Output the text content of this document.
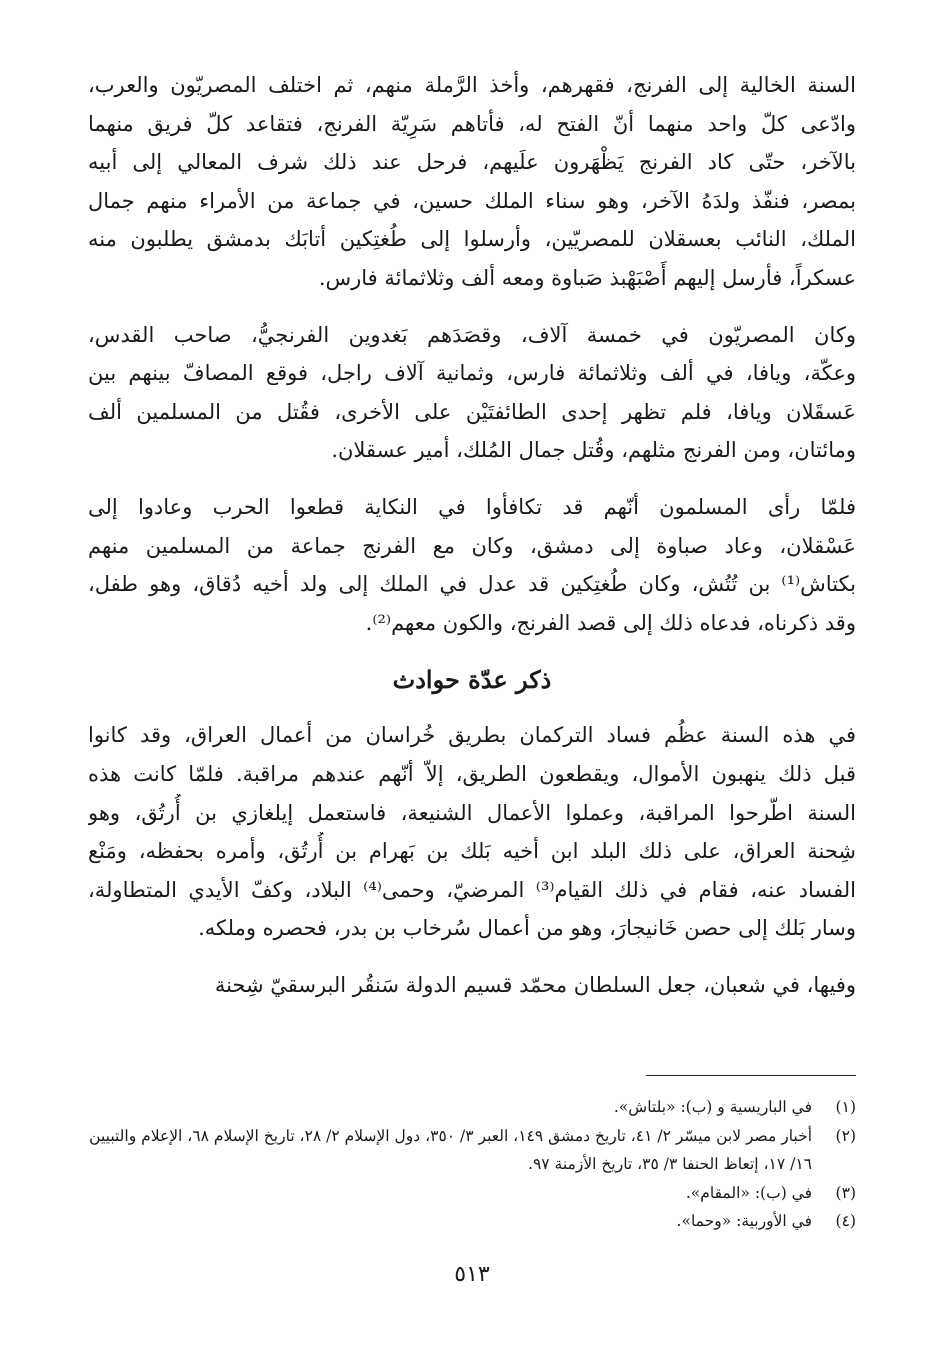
السنة الخالية إلى الفرنج، فقهرهم، وأخذ الرَّملة منهم، ثم اختلف المصريّون والعرب،
وادّعى كلّ واحد منهما أنّ الفتح له، فأتاهم سَرِيّة الفرنج، فتقاعد كلّ فريق منهما
بالآخر، حتّى كاد الفرنج يَظْهَرون علَيهم، فرحل عند ذلك شرف المعالي إلى أبيه
بمصر، فنفّذ ولدَهُ الآخر، وهو سناء الملك حسين، في جماعة من الأمراء منهم جمال
الملك، النائب بعسقلان للمصريّين، وأرسلوا إلى طُغتِكين أتابَك بدمشق يطلبون منه
عسكراً، فأرسل إليهم أَصْبَهْبذ صَباوة ومعه ألف وثلاثمائة فارس.
وكان المصريّون في خمسة آلاف، وقصَدَهم بَغدوين الفرنجيُّ، صاحب القدس،
وعكّة، ويافا، في ألف وثلاثمائة فارس، وثمانية آلاف راجل، فوقع المصافّ بينهم بين
عَسقَلان ويافا، فلم تظهر إحدى الطائفتَيْن على الأخرى، فقُتل من المسلمين ألف
ومائتان، ومن الفرنج مثلهم، وقُتل جمال المُلك، أمير عسقلان.
فلمّا رأى المسلمون أنّهم قد تكافأوا في النكاية قطعوا الحرب وعادوا إلى
عَسْقلان، وعاد صباوة إلى دمشق، وكان مع الفرنج جماعة من المسلمين منهم
بكتاش⁽¹⁾ بن تُتُش، وكان طُغتِكين قد عدل في الملك إلى ولد أخيه دُقاق، وهو طفل،
وقد ذكرناه، فدعاه ذلك إلى قصد الفرنج، والكون معهم⁽²⁾.
ذكر عدّة حوادث
في هذه السنة عظُم فساد التركمان بطريق خُراسان من أعمال العراق، وقد كانوا
قبل ذلك ينهبون الأموال، ويقطعون الطريق، إلاّ أنّهم عندهم مراقبة. فلمّا كانت هذه
السنة اطّرحوا المراقبة، وعملوا الأعمال الشنيعة، فاستعمل إيلغازي بن أُرتُق، وهو
شِحنة العراق، على ذلك البلد ابن أخيه بَلك بن بَهرام بن أُرتُق، وأمره بحفظه، ومَنْع
الفساد عنه، فقام في ذلك القيام⁽³⁾ المرضيّ، وحمى⁽⁴⁾ البلاد، وكفّ الأيدي المتطاولة،
وسار بَلك إلى حصن خَانيجارَ، وهو من أعمال سُرخاب بن بدر، فحصره وملكه.
وفيها، في شعبان، جعل السلطان محمّد قسيم الدولة سَنقُر البرسقيّ شِحنة
(١)
في الباريسية و (ب): «بلتاش».
(٢)
أخبار مصر لابن ميسّر ٢/ ٤١، تاريخ دمشق ١٤٩، العبر ٣/ ٣٥٠، دول الإسلام ٢/ ٢٨، تاريخ الإسلام ٦٨، الإعلام والتبيين ١٦/ ١٧، إتعاظ الحنفا ٣/ ٣٥، تاريخ الأزمنة ٩٧.
(٣)
في (ب): «المقام».
(٤)
في الأوربية: «وحما».
٥١٣
